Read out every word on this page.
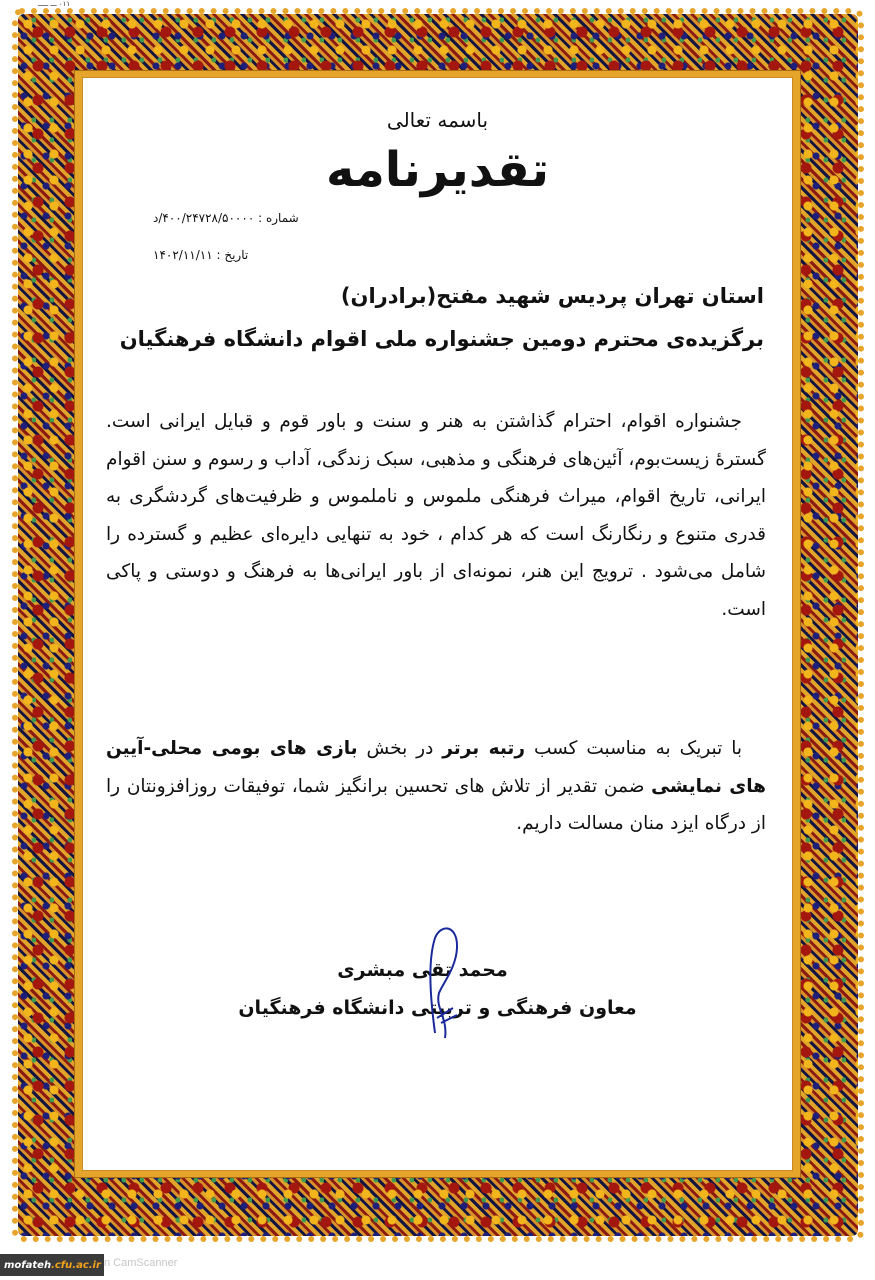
٠١١ ـــ ـــــ
باسمه تعالی
تقدیرنامه
شماره : ۴۰۰/۲۴۷۲۸/۵۰۰۰۰/د
تاریخ : ۱۴۰۲/۱۱/۱۱
استان تهران پردیس شهید مفتح(برادران)
برگزیده‌ی محترم دومین جشنواره ملی اقوام دانشگاه فرهنگیان
جشنواره اقوام، احترام گذاشتن به هنر و سنت و باور قوم و قبایل ایرانی است. گسترهٔ زیست‌بوم، آئین‌های فرهنگی و مذهبی، سبک زندگی، آداب و رسوم و سنن اقوام ایرانی، تاریخ اقوام، میراث فرهنگی ملموس و ناملموس و ظرفیت‌های گردشگری به قدری متنوع و رنگارنگ است که هر کدام ، خود به تنهایی دایره‌ای عظیم و گسترده را شامل می‌شود . ترویج این هنر، نمونه‌ای از باور ایرانی‌ها به فرهنگ و دوستی و پاکی است.
با تبریک به مناسبت کسب رتبه برتر در بخش بازی های بومی محلی-آیین های نمایشی ضمن تقدیر از تلاش های تحسین برانگیز شما، توفیقات روزافزونتان را از درگاه ایزد منان مسالت داریم.
محمد تقی مبشری
معاون فرهنگی و تربیتی دانشگاه فرهنگیان
mofateh .cfu.ac.ir n CamScanner
